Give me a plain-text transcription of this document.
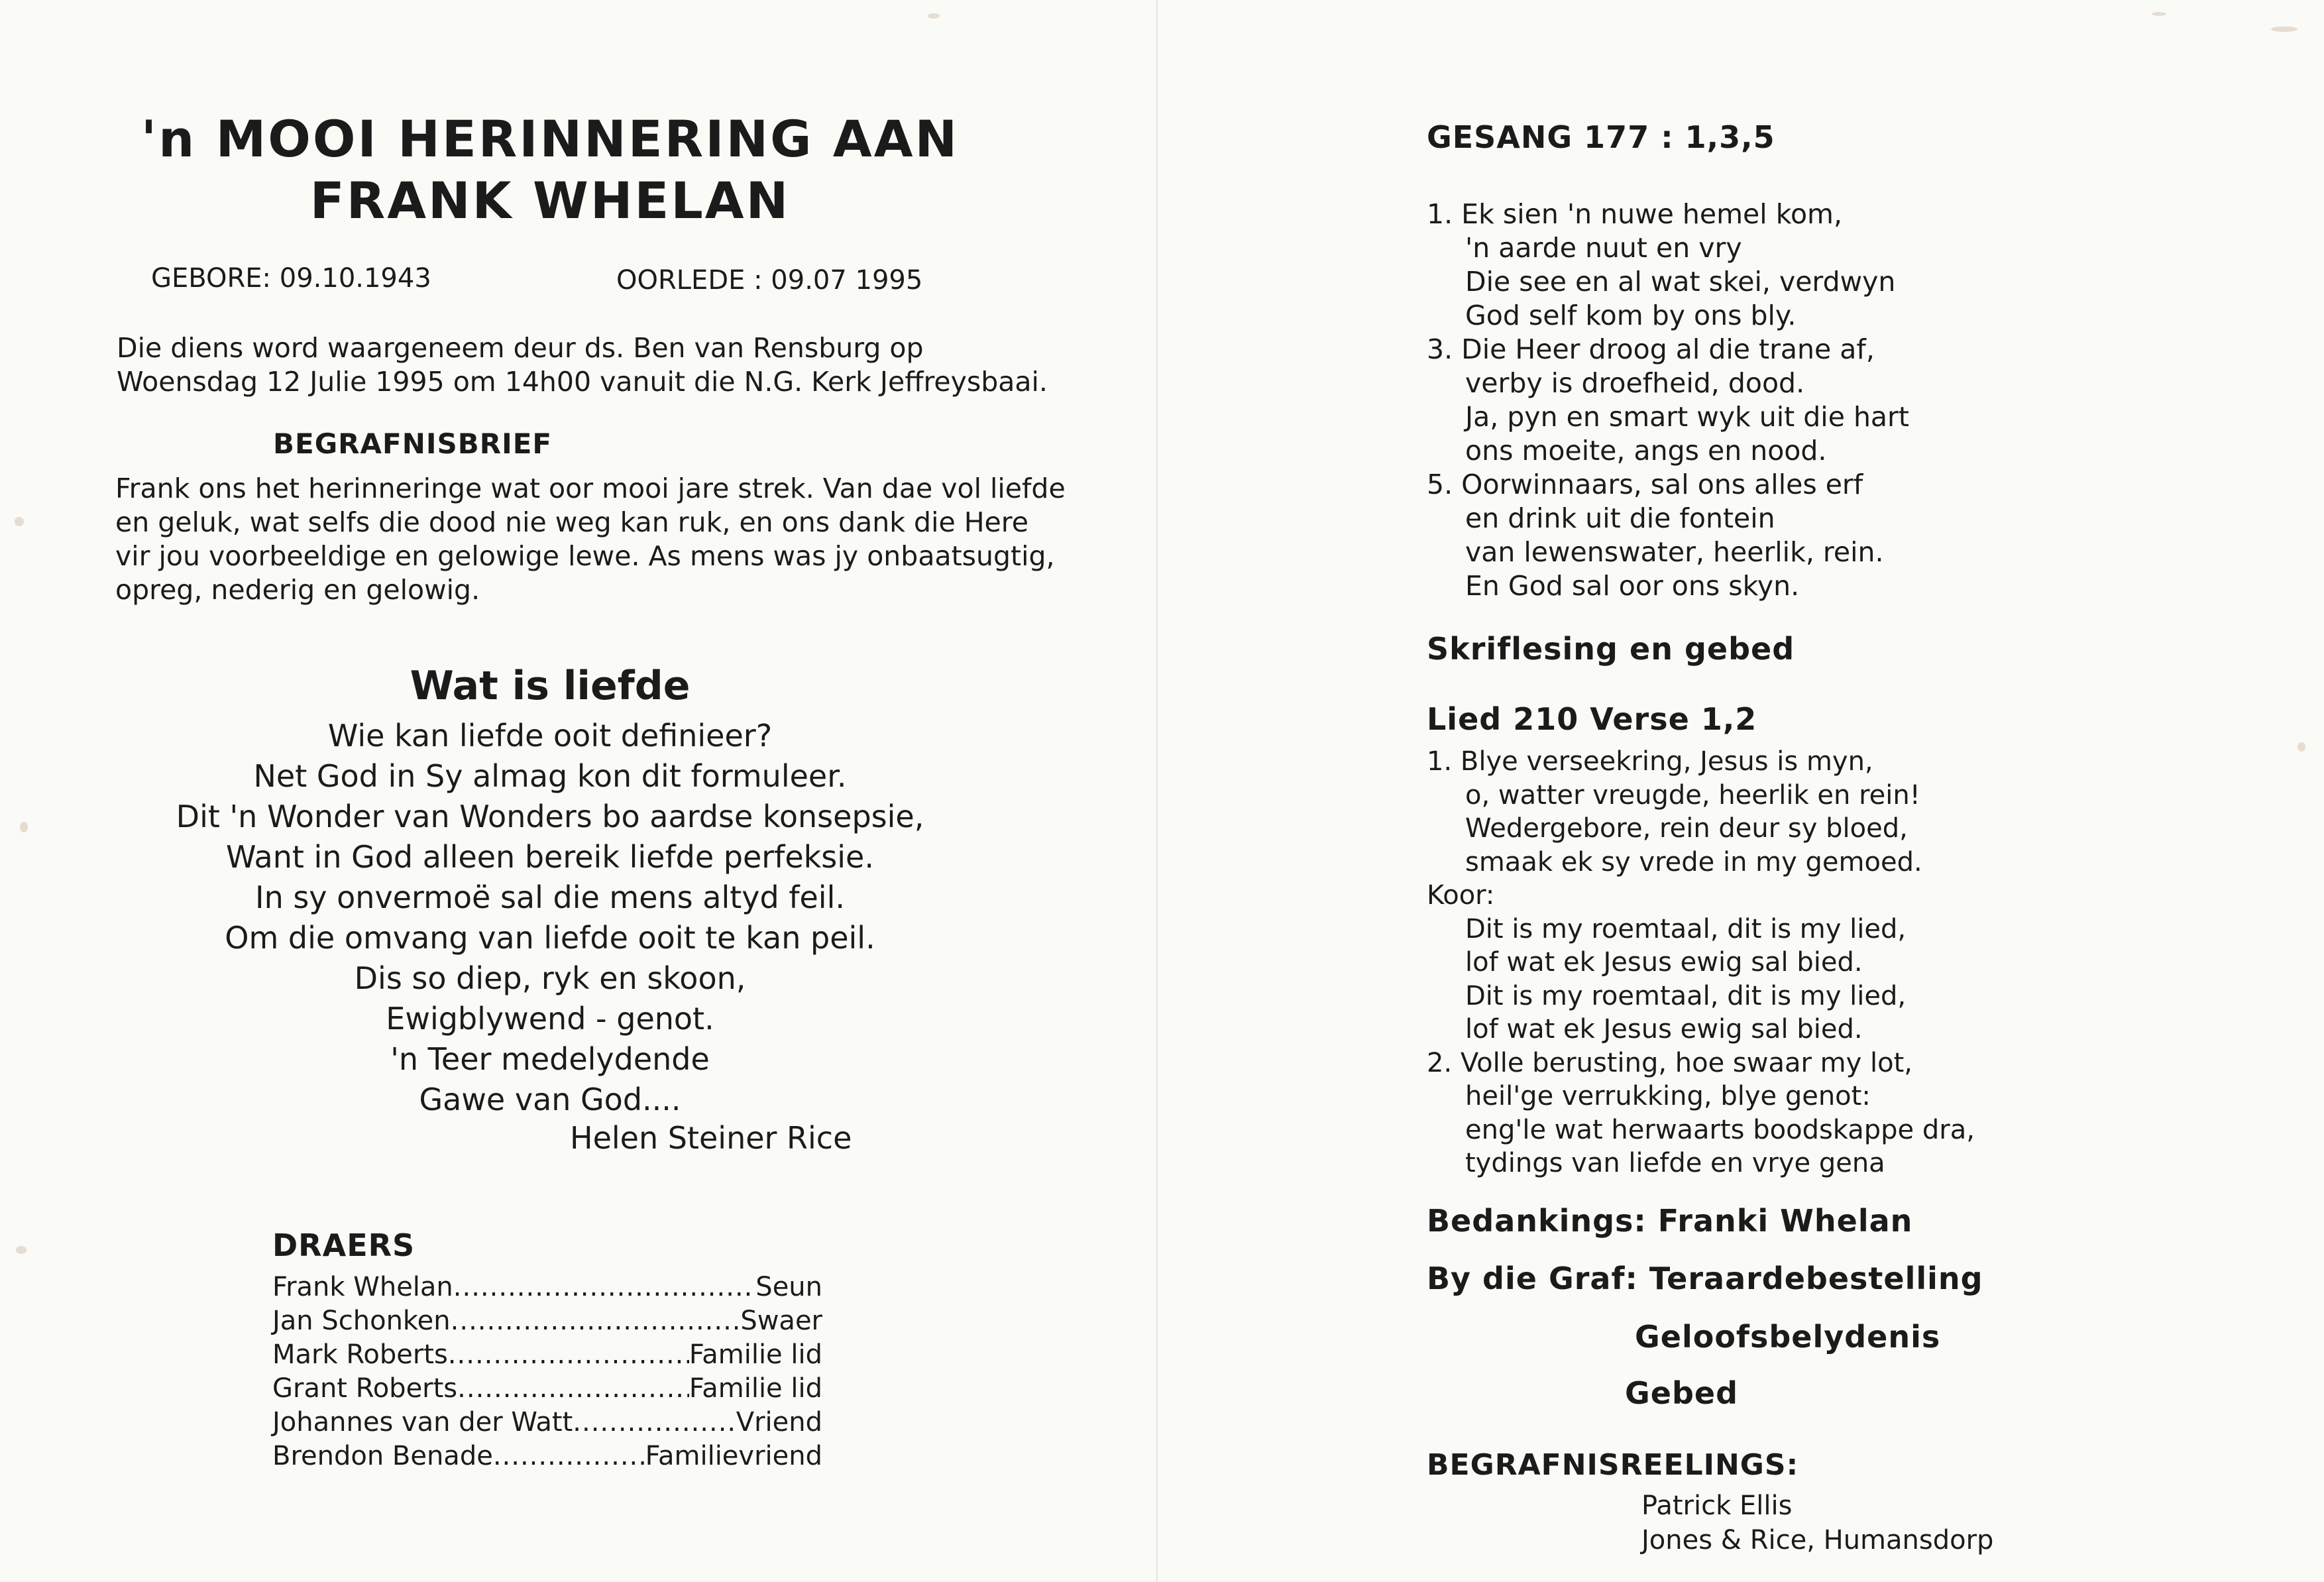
'n MOOI HERINNERING AAN
FRANK WHELAN
GEBORE: 09.10.1943	OORLEDE : 09.07 1995
Die diens word waargeneem deur ds. Ben van Rensburg op Woensdag 12 Julie 1995 om 14h00 vanuit die N.G. Kerk Jeffreysbaai.
BEGRAFNISBRIEF
Frank ons het herinneringe wat oor mooi jare strek. Van dae vol liefde en geluk, wat selfs die dood nie weg kan ruk, en ons dank die Here vir jou voorbeeldige en gelowige lewe. As mens was jy onbaatsugtig, opreg, nederig en gelowig.
Wat is liefde
Wie kan liefde ooit definieer?
Net God in Sy almag kon dit formuleer.
Dit 'n Wonder van Wonders bo aardse konsepsie,
Want in God alleen bereik liefde perfeksie.
In sy onvermoë sal die mens altyd feil.
Om die omvang van liefde ooit te kan peil.
Dis so diep, ryk en skoon,
Ewigblywend - genot.
'n Teer medelydende
Gawe van God....
Helen Steiner Rice
DRAERS
Frank Whelan .....	Seun
Jan Schonken .....	Swaer
Mark Roberts .....	Familie lid
Grant Roberts .....	Familie lid
Johannes van der Watt .....	Vriend
Brendon Benade .....	Familievriend
GESANG 177 : 1,3,5
1. Ek sien 'n nuwe hemel kom,
'n aarde nuut en vry
Die see en al wat skei, verdwyn
God self kom by ons bly.
3. Die Heer droog al die trane af,
verby is droefheid, dood.
Ja, pyn en smart wyk uit die hart
ons moeite, angs en nood.
5. Oorwinnaars, sal ons alles erf
en drink uit die fontein
van lewenswater, heerlik, rein.
En God sal oor ons skyn.
Skriflesing en gebed
Lied 210 Verse 1,2
1. Blye verseekring, Jesus is myn,
o, watter vreugde, heerlik en rein!
Wedergebore, rein deur sy bloed,
smaak ek sy vrede in my gemoed.
Koor:
Dit is my roemtaal, dit is my lied,
lof wat ek Jesus ewig sal bied.
Dit is my roemtaal, dit is my lied,
lof wat ek Jesus ewig sal bied.
2. Volle berusting, hoe swaar my lot,
heil'ge verrukking, blye genot:
eng'le wat herwaarts boodskappe dra,
tydings van liefde en vrye gena
Bedankings: Franki Whelan
By die Graf: Teraardebestelling
Geloofsbelydenis
Gebed
BEGRAFNISREELINGS:
Patrick Ellis
Jones & Rice, Humansdorp
